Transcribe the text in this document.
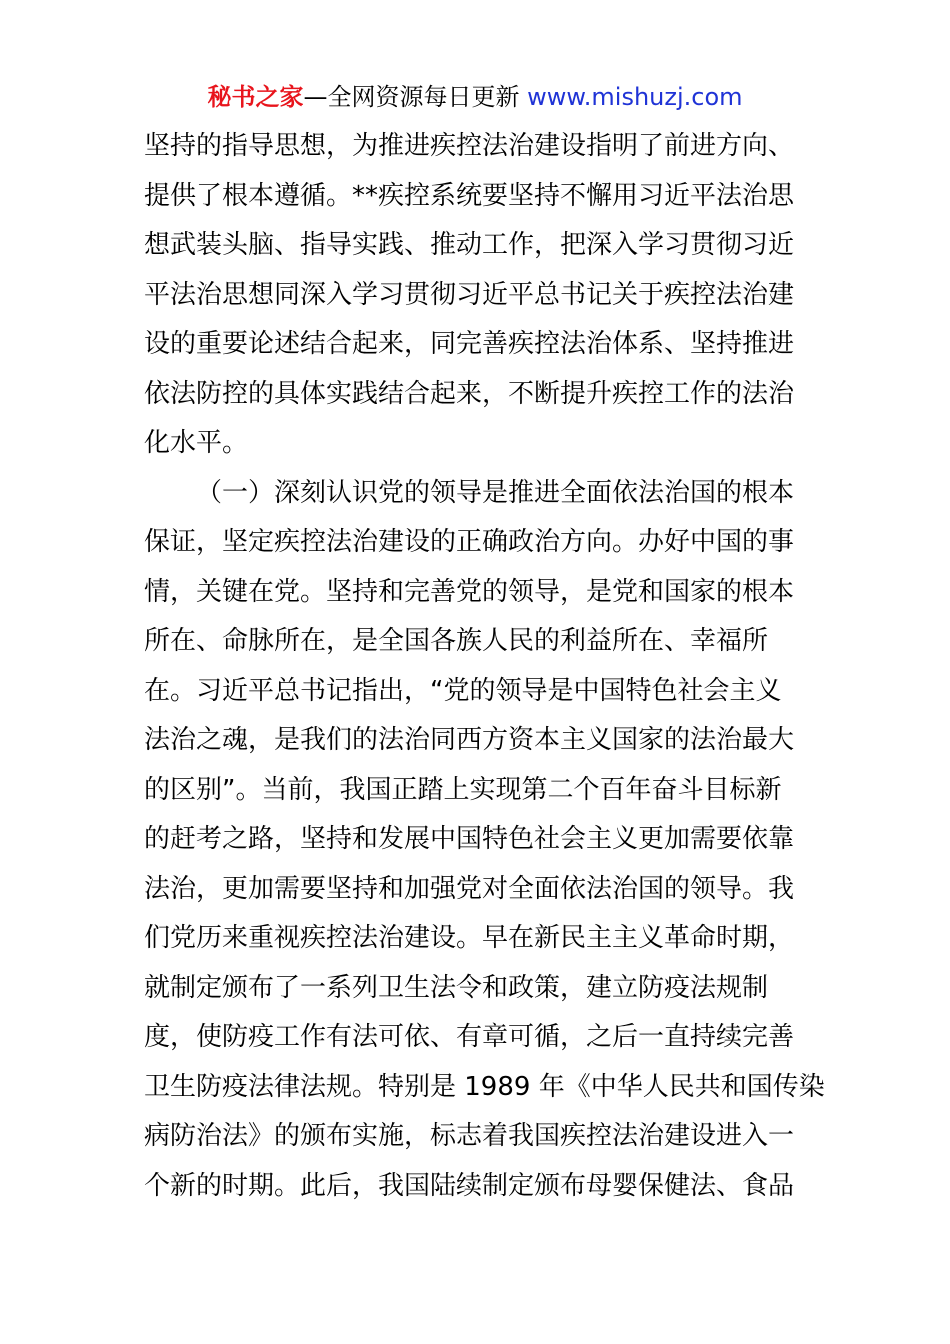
秘书之家—全网资源每日更新 www.mishuzj.com
坚持的指导思想，为推进疾控法治建设指明了前进方向、
提供了根本遵循。**疾控系统要坚持不懈用习近平法治思
想武装头脑、指导实践、推动工作，把深入学习贯彻习近
平法治思想同深入学习贯彻习近平总书记关于疾控法治建
设的重要论述结合起来，同完善疾控法治体系、坚持推进
依法防控的具体实践结合起来，不断提升疾控工作的法治
化水平。
（一）深刻认识党的领导是推进全面依法治国的根本
保证，坚定疾控法治建设的正确政治方向。办好中国的事
情，关键在党。坚持和完善党的领导，是党和国家的根本
所在、命脉所在，是全国各族人民的利益所在、幸福所
在。习近平总书记指出，“党的领导是中国特色社会主义
法治之魂，是我们的法治同西方资本主义国家的法治最大
的区别”。当前，我国正踏上实现第二个百年奋斗目标新
的赶考之路，坚持和发展中国特色社会主义更加需要依靠
法治，更加需要坚持和加强党对全面依法治国的领导。我
们党历来重视疾控法治建设。早在新民主主义革命时期，
就制定颁布了一系列卫生法令和政策，建立防疫法规制
度，使防疫工作有法可依、有章可循，之后一直持续完善
卫生防疫法律法规。特别是 1989 年《中华人民共和国传染
病防治法》的颁布实施，标志着我国疾控法治建设进入一
个新的时期。此后，我国陆续制定颁布母婴保健法、食品
